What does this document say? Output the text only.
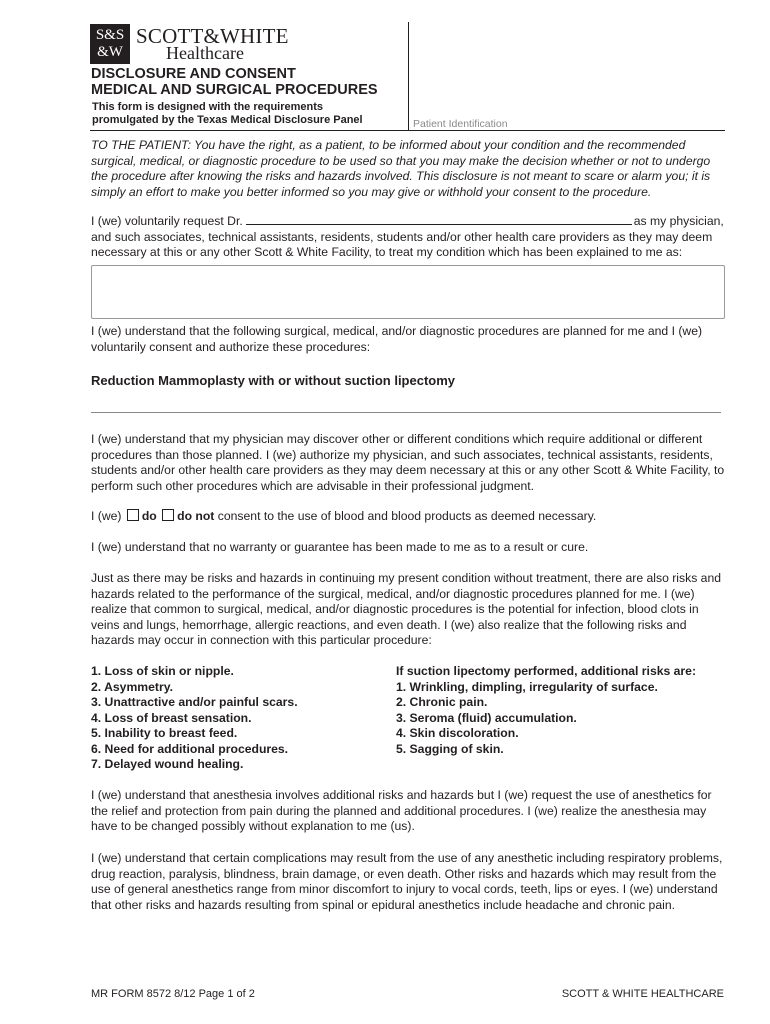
S&S
&W
SCOTT&WHITE
Healthcare
DISCLOSURE AND CONSENT
MEDICAL AND SURGICAL PROCEDURES
This form is designed with the requirements
promulgated by the Texas Medical Disclosure Panel	Patient Identification
TO THE PATIENT: You have the right, as a patient, to be informed about your condition and the recommended surgical, medical, or diagnostic procedure to be used so that you may make the decision whether or not to undergo the procedure after knowing the risks and hazards involved. This disclosure is not meant to scare or alarm you; it is simply an effort to make you better informed so you may give or withhold your consent to the procedure.
I (we) voluntarily request Dr.	as my physician, and such associates, technical assistants, residents, students and/or other health care providers as they may deem necessary at this or any other Scott & White Facility, to treat my condition which has been explained to me as:
I (we) understand that the following surgical, medical, and/or diagnostic procedures are planned for me and I (we) voluntarily consent and authorize these procedures:
Reduction Mammoplasty with or without suction lipectomy
I (we) understand that my physician may discover other or different conditions which require additional or different procedures than those planned. I (we) authorize my physician, and such associates, technical assistants, residents, students and/or other health care providers as they may deem necessary at this or any other Scott & White Facility, to perform such other procedures which are advisable in their professional judgment.
I (we) do do not consent to the use of blood and blood products as deemed necessary.
I (we) understand that no warranty or guarantee has been made to me as to a result or cure.
Just as there may be risks and hazards in continuing my present condition without treatment, there are also risks and hazards related to the performance of the surgical, medical, and/or diagnostic procedures planned for me. I (we) realize that common to surgical, medical, and/or diagnostic procedures is the potential for infection, blood clots in veins and lungs, hemorrhage, allergic reactions, and even death. I (we) also realize that the following risks and hazards may occur in connection with this particular procedure:
1. Loss of skin or nipple.
2. Asymmetry.
3. Unattractive and/or painful scars.
4. Loss of breast sensation.
5. Inability to breast feed.
6. Need for additional procedures.
7. Delayed wound healing.
If suction lipectomy performed, additional risks are:
1. Wrinkling, dimpling, irregularity of surface.
2. Chronic pain.
3. Seroma (fluid) accumulation.
4. Skin discoloration.
5. Sagging of skin.
I (we) understand that anesthesia involves additional risks and hazards but I (we) request the use of anesthetics for the relief and protection from pain during the planned and additional procedures. I (we) realize the anesthesia may have to be changed possibly without explanation to me (us).
I (we) understand that certain complications may result from the use of any anesthetic including respiratory problems, drug reaction, paralysis, blindness, brain damage, or even death. Other risks and hazards which may result from the use of general anesthetics range from minor discomfort to injury to vocal cords, teeth, lips or eyes. I (we) understand that other risks and hazards resulting from spinal or epidural anesthetics include headache and chronic pain.
MR FORM 8572 8/12 Page 1 of 2	SCOTT & WHITE HEALTHCARE
